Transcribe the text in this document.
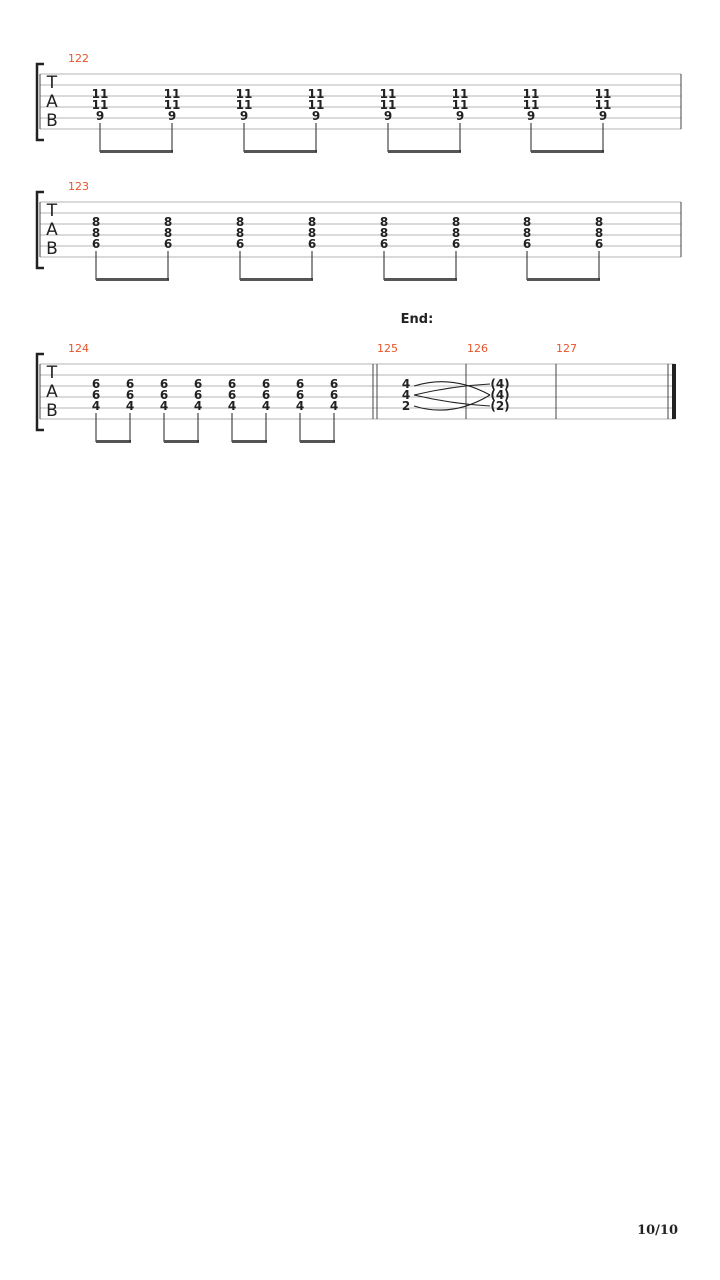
T
A
B
122
11
11
9
11
11
9
11
11
9
11
11
9
11
11
9
11
11
9
11
11
9
11
11
9
T
A
B
123
8
8
6
8
8
6
8
8
6
8
8
6
8
8
6
8
8
6
8
8
6
8
8
6
End:
T
A
B
124	125	126	127
6
6
4
6
6
4
6
6
4
6
6
4
6
6
4
6
6
4
6
6
4
6
6
4
4
4
2
(4)
(4)
(2)
10/10
